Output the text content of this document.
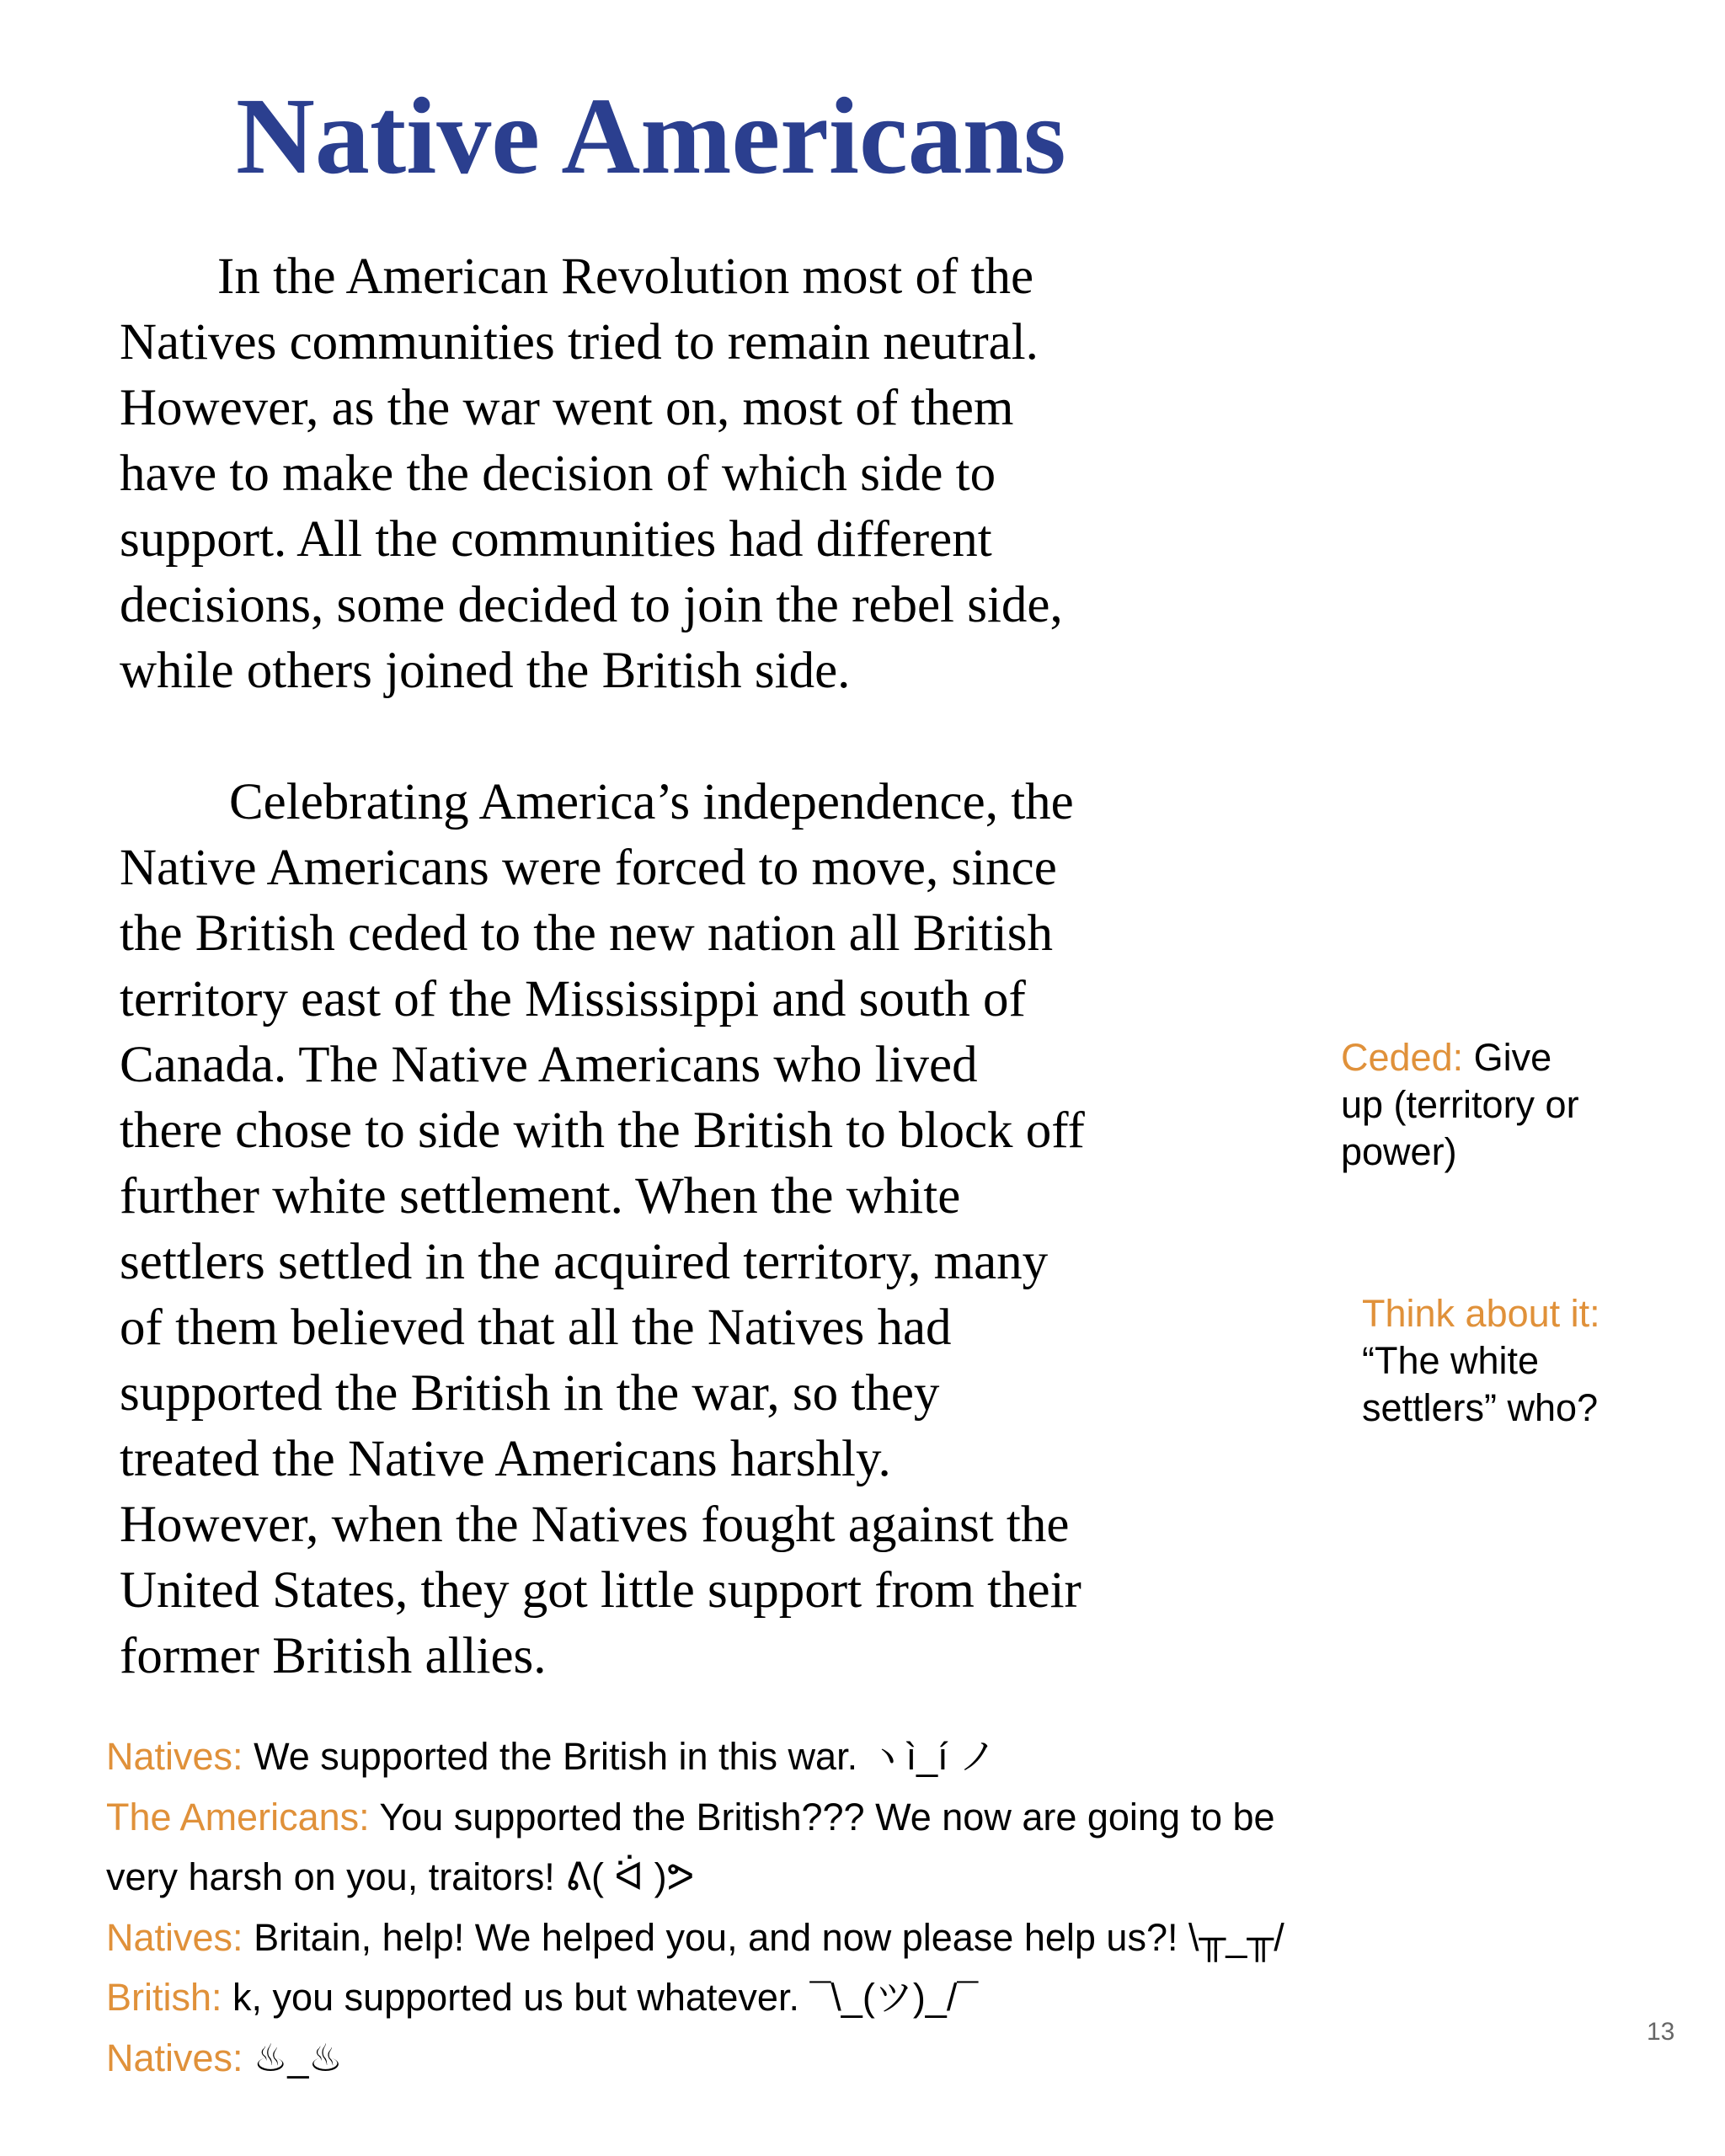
Native Americans
In the American Revolution most of the
Natives communities tried to remain neutral.
However, as the war went on, most of them
have to make the decision of which side to
support. All the communities had different
decisions, some decided to join the rebel side,
while others joined the British side.
Celebrating America’s independence, the
Native Americans were forced to move, since
the British ceded to the new nation all British
territory east of the Mississippi and south of
Canada. The Native Americans who lived
there chose to side with the British to block off
further white settlement. When the white
settlers settled in the acquired territory, many
of them believed that all the Natives had
supported the British in the war, so they
treated the Native Americans harshly.
However, when the Natives fought against the
United States, they got little support from their
former British allies.
Ceded: Give
up (territory or
power)
Think about it:
“The white
settlers” who?
Natives: We supported the British in this war. ヽì_í ノ
The Americans: You supported the British??? We now are going to be
very harsh on you, traitors! ᕕ( ᐛ )ᕗ
Natives: Britain, help! We helped you, and now please help us?! \╥_╥/
British: k, you supported us but whatever. ¯\_(ツ)_/¯
Natives: ♨_♨
13
